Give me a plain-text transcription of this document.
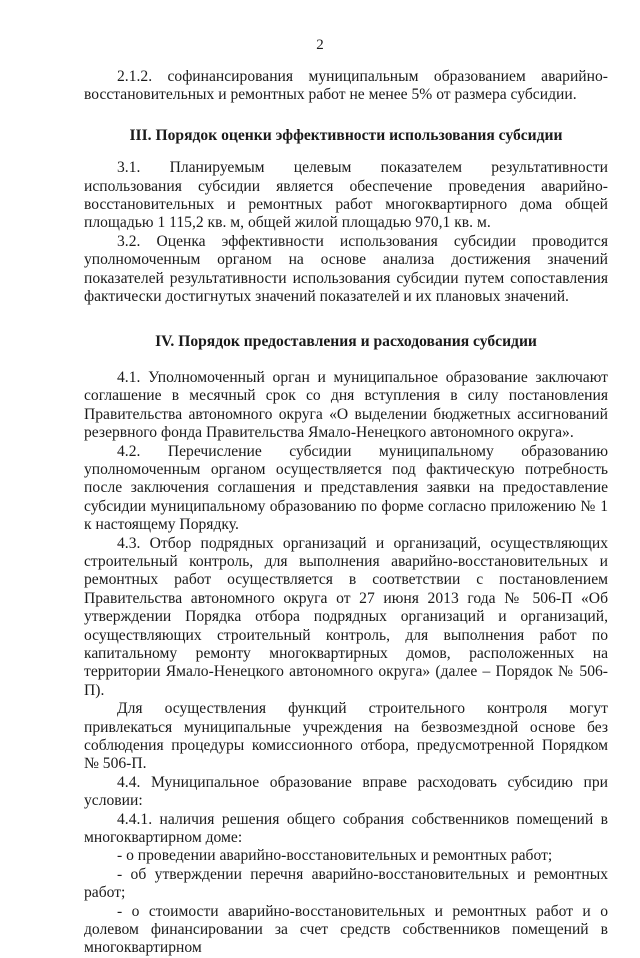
2

2.1.2. софинансирования муниципальным образованием аварийно-восстановительных и ремонтных работ не менее 5% от размера субсидии.

III. Порядок оценки эффективности использования субсидии

3.1. Планируемым целевым показателем результативности использования субсидии является обеспечение проведения аварийно-восстановительных и ремонтных работ многоквартирного дома общей площадью 1 115,2 кв. м, общей жилой площадью 970,1 кв. м.

3.2. Оценка эффективности использования субсидии проводится уполномоченным органом на основе анализа достижения значений показателей результативности использования субсидии путем сопоставления фактически достигнутых значений показателей и их плановых значений.

IV. Порядок предоставления и расходования субсидии

4.1. Уполномоченный орган и муниципальное образование заключают соглашение в месячный срок со дня вступления в силу постановления Правительства автономного округа «О выделении бюджетных ассигнований резервного фонда Правительства Ямало-Ненецкого автономного округа».

4.2. Перечисление субсидии муниципальному образованию уполномоченным органом осуществляется под фактическую потребность после заключения соглашения и представления заявки на предоставление субсидии муниципальному образованию по форме согласно приложению № 1 к настоящему Порядку.

4.3. Отбор подрядных организаций и организаций, осуществляющих строительный контроль, для выполнения аварийно-восстановительных и ремонтных работ осуществляется в соответствии с постановлением Правительства автономного округа от 27 июня 2013 года № 506-П «Об утверждении Порядка отбора подрядных организаций и организаций, осуществляющих строительный контроль, для выполнения работ по капитальному ремонту многоквартирных домов, расположенных на территории Ямало-Ненецкого автономного округа» (далее – Порядок № 506-П).

Для осуществления функций строительного контроля могут привлекаться муниципальные учреждения на безвозмездной основе без соблюдения процедуры комиссионного отбора, предусмотренной Порядком № 506-П.

4.4. Муниципальное образование вправе расходовать субсидию при условии:

4.4.1. наличия решения общего собрания собственников помещений в многоквартирном доме:

- о проведении аварийно-восстановительных и ремонтных работ;

- об утверждении перечня аварийно-восстановительных и ремонтных работ;

- о стоимости аварийно-восстановительных и ремонтных работ и о долевом финансировании за счет средств собственников помещений в многоквартирном
